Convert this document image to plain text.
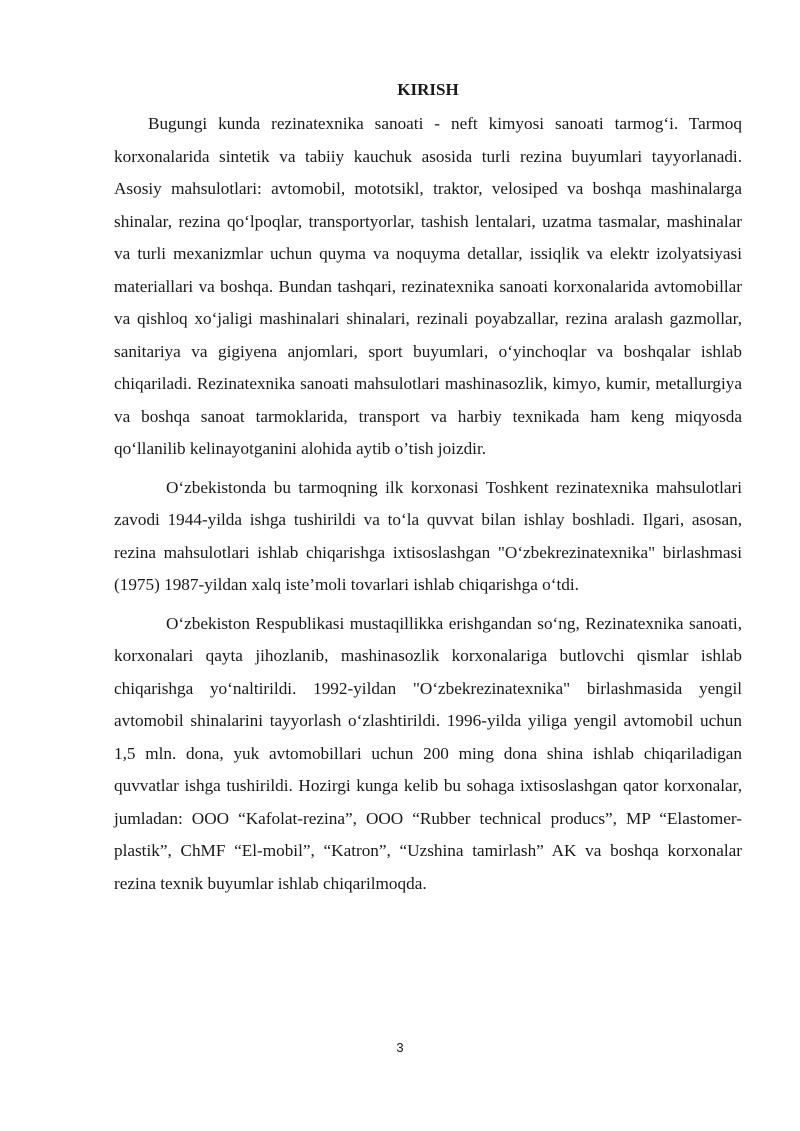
KIRISH

Bugungi kunda rezinatexnika sanoati - neft kimyosi sanoati tarmog‘i. Tarmoq korxonalarida sintetik va tabiiy kauchuk asosida turli rezina buyumlari tayyorlanadi. Asosiy mahsulotlari: avtomobil, mototsikl, traktor, velosiped va boshqa mashinalarga shinalar, rezina qo‘lpoqlar, transportyorlar, tashish lentalari, uzatma tasmalar, mashinalar va turli mexanizmlar uchun quyma va noquyma detallar, issiqlik va elektr izolyatsiyasi materiallari va boshqa. Bundan tashqari, rezinatexnika sanoati korxonalarida avtomobillar va qishloq xo‘jaligi mashinalari shinalari, rezinali poyabzallar, rezina aralash gazmollar, sanitariya va gigiyena anjomlari, sport buyumlari, o‘yinchoqlar va boshqalar ishlab chiqariladi. Rezinatexnika sanoati mahsulotlari mashinasozlik, kimyo, kumir, metallurgiya va boshqa sanoat tarmoklarida, transport va harbiy texnikada ham keng miqyosda qo‘llanilib kelinayotganini alohida aytib o’tish joizdir.

O‘zbekistonda bu tarmoqning ilk korxonasi Toshkent rezinatexnika mahsulotlari zavodi 1944-yilda ishga tushirildi va to‘la quvvat bilan ishlay boshladi. Ilgari, asosan, rezina mahsulotlari ishlab chiqarishga ixtisoslashgan "O‘zbekrezinatexnika" birlashmasi (1975) 1987-yildan xalq iste’moli tovarlari ishlab chiqarishga o‘tdi.

O‘zbekiston Respublikasi mustaqillikka erishgandan so‘ng, Rezinatexnika sanoati, korxonalari qayta jihozlanib, mashinasozlik korxonalariga butlovchi qismlar ishlab chiqarishga yo‘naltirildi. 1992-yildan "O‘zbekrezinatexnika" birlashmasida yengil avtomobil shinalarini tayyorlash o‘zlashtirildi. 1996-yilda yiliga yengil avtomobil uchun 1,5 mln. dona, yuk avtomobillari uchun 200 ming dona shina ishlab chiqariladigan quvvatlar ishga tushirildi. Hozirgi kunga kelib bu sohaga ixtisoslashgan qator korxonalar, jumladan: OOO “Kafolat-rezina”, OOO “Rubber technical producs”, MP “Elastomer-plastik”, ChMF “El-mobil”, “Katron”, “Uzshina tamirlash” AK va boshqa korxonalar rezina texnik buyumlar ishlab chiqarilmoqda.

3
